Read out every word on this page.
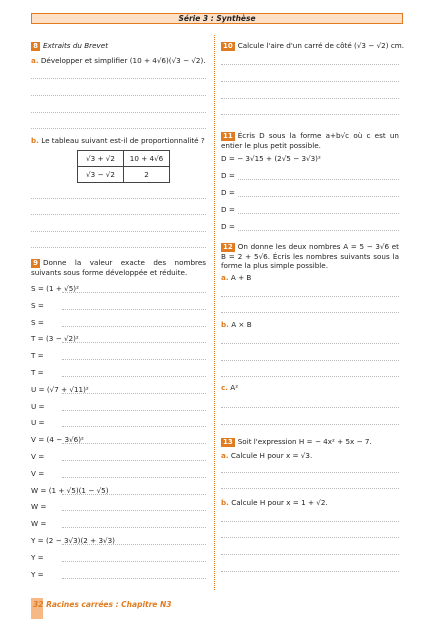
Série 3 : Synthèse
8 Extraits du Brevet
a. Développer et simplifier (10 + 4√6)(√3 − √2).
b. Le tableau suivant est-il de proportionnalité ?
√3 + √2	10 + 4√6
√3 − √2	2
9 Donne la valeur exacte des nombres suivants sous forme développée et réduite.
S = (1 + √5)²
S =
S =
T = (3 − √2)²
T =
T =
U = (√7 + √11)²
U =
U =
V = (4 − 3√6)²
V =
V =
W = (1 + √5)(1 − √5)
W =
W =
Y = (2 − 3√3)(2 + 3√3)
Y =
Y =
10 Calcule l'aire d'un carré de côté (√3 − √2) cm.
11 Écris D sous la forme a+b√c où c est un entier le plus petit possible.
D = − 3√15 + (2√5 − 3√3)²
D =
D =
D =
D =
12 On donne les deux nombres A = 5 − 3√6 et B = 2 + 5√6. Écris les nombres suivants sous la forme la plus simple possible.
a. A + B
b. A × B
c. A²
13 Soit l'expression H = − 4x² + 5x − 7.
a. Calcule H pour x = √3.
b. Calcule H pour x = 1 + √2.
32 Racines carrées : Chapitre N3
